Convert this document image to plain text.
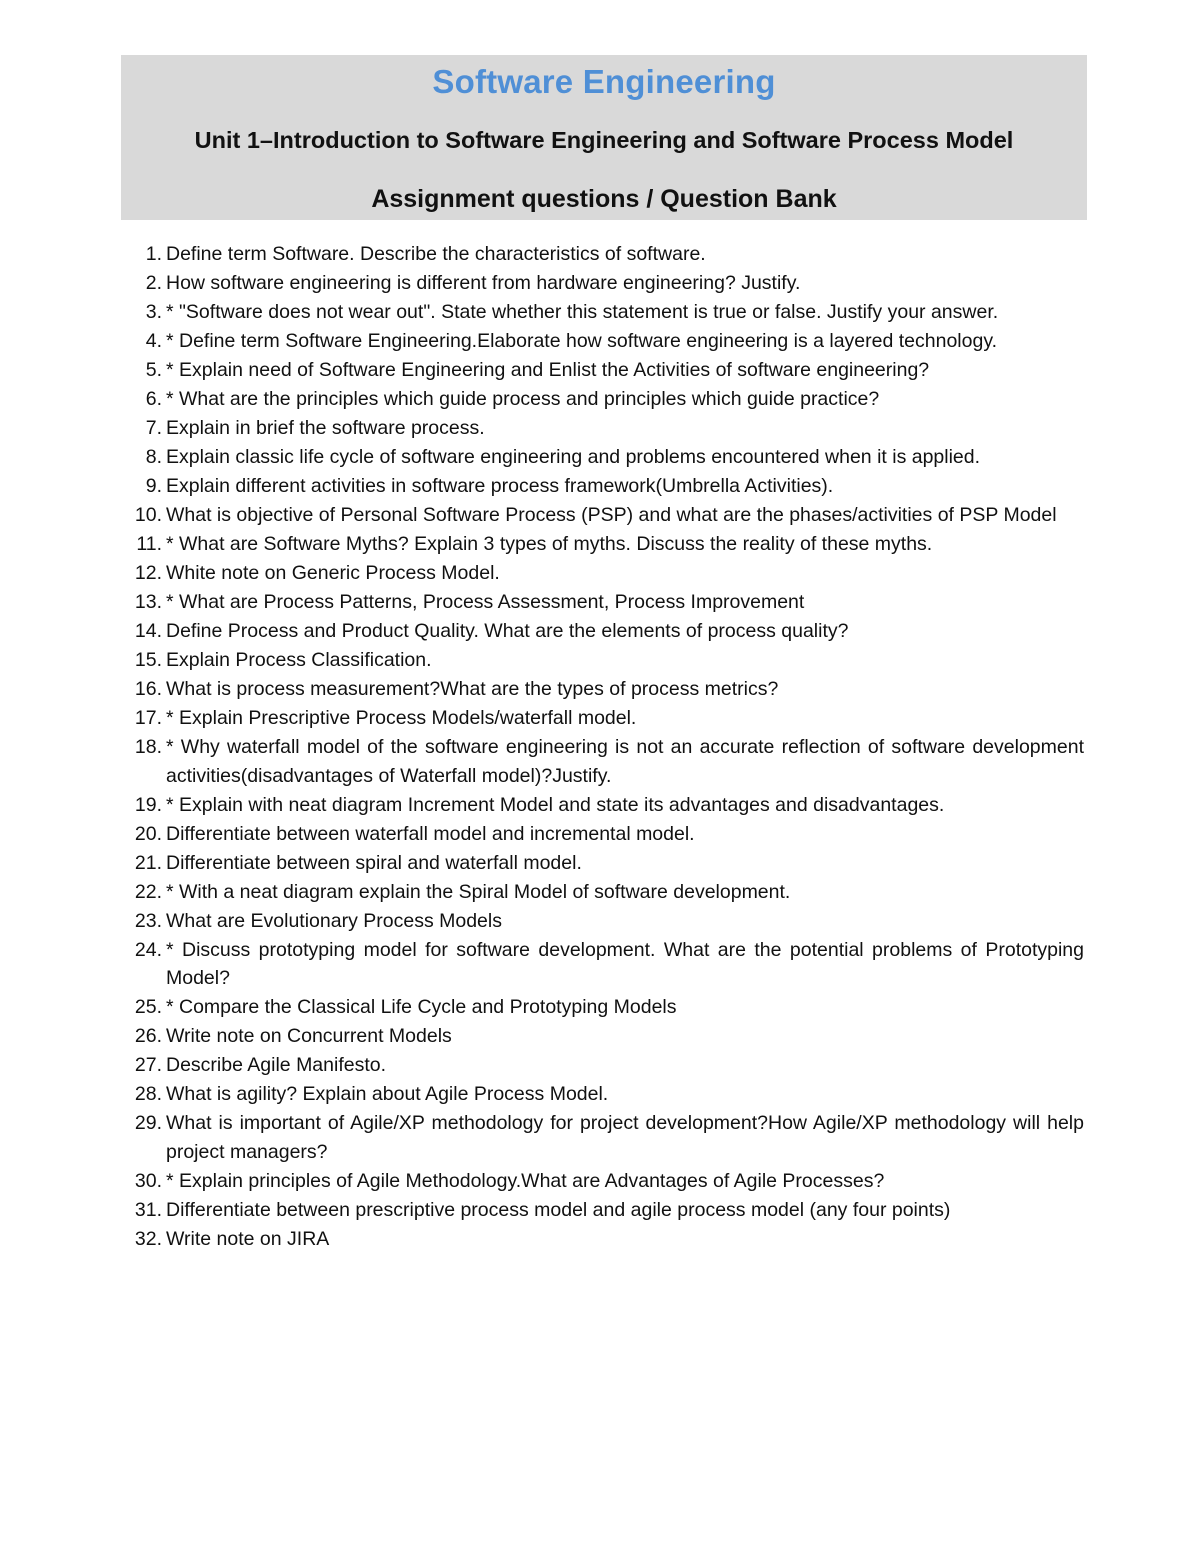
Software Engineering
Unit 1–Introduction to Software Engineering and Software Process Model
Assignment questions / Question Bank
1. Define term Software. Describe the characteristics of software.
2. How software engineering is different from hardware engineering? Justify.
3. * "Software does not wear out". State whether this statement is true or false. Justify your answer.
4. * Define term Software Engineering.Elaborate how software engineering is a layered technology.
5. * Explain need of Software Engineering and Enlist the Activities of software engineering?
6. * What are the principles which guide process and principles which guide practice?
7. Explain in brief the software process.
8. Explain classic life cycle of software engineering and problems encountered when it is applied.
9. Explain different activities in software process framework(Umbrella Activities).
10. What is objective of Personal Software Process (PSP) and what are the phases/activities of PSP Model
11. * What are Software Myths? Explain 3 types of myths. Discuss the reality of these myths.
12. White note on Generic Process Model.
13. * What are Process Patterns, Process Assessment, Process Improvement
14. Define Process and Product Quality. What are the elements of process quality?
15. Explain Process Classification.
16. What is process measurement?What are the types of process metrics?
17. * Explain Prescriptive Process Models/waterfall model.
18. * Why waterfall model of the software engineering is not an accurate reflection of software development activities(disadvantages of Waterfall model)?Justify.
19. * Explain with neat diagram Increment Model and state its advantages and disadvantages.
20. Differentiate between waterfall model and incremental model.
21. Differentiate between spiral and waterfall model.
22. * With a neat diagram explain the Spiral Model of software development.
23. What are Evolutionary Process Models
24. * Discuss prototyping model for software development. What are the potential problems of Prototyping Model?
25. * Compare the Classical Life Cycle and Prototyping Models
26. Write note on Concurrent Models
27. Describe Agile Manifesto.
28. What is agility? Explain about Agile Process Model.
29. What is important of Agile/XP methodology for project development?How Agile/XP methodology will help project managers?
30. * Explain principles of Agile Methodology.What are Advantages of Agile Processes?
31. Differentiate between prescriptive process model and agile process model (any four points)
32. Write note on JIRA
